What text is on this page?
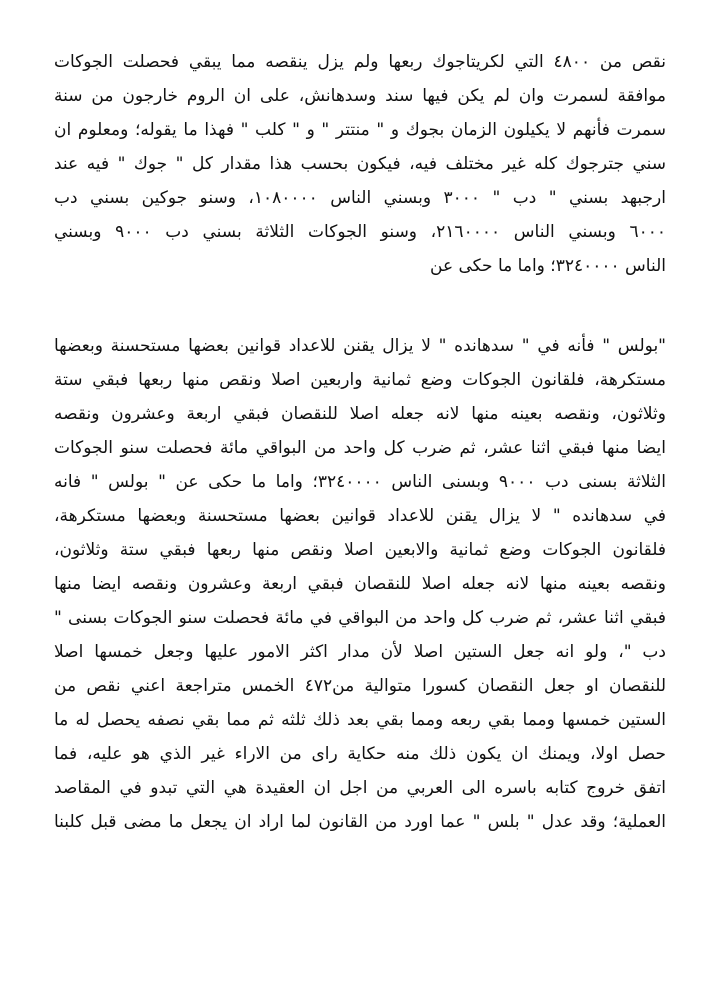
نقص من ٤٨٠٠ التي لكريتاجوك ربعها ولم يزل ينقصه مما يبقي فحصلت الجوكات
موافقة لسمرت وان لم يكن فيها سند وسدهانش، على ان الروم خارجون من سنة
سمرت فأنهم لا يكيلون الزمان بجوك و " منتتر " و " كلب " فهذا ما يقوله؛ ومعلوم ان
سني جترجوك كله غير مختلف فيه، فيكون بحسب هذا مقدار كل " جوك " فيه عند
ارجبهد بسني " دب " ٣٠٠٠ وبسني الناس ١٠٨٠٠٠٠، وسنو جوكين بسني دب
٦٠٠٠ وبسني الناس ٢١٦٠٠٠٠، وسنو الجوكات الثلاثة بسني دب ٩٠٠٠ وبسني
الناس ٣٢٤٠٠٠٠؛ واما ما حكى عن
"بولس " فأنه في " سدهانده " لا يزال يقنن للاعداد قوانين بعضها مستحسنة وبعضها
مستكرهة، فلقانون الجوكات وضع ثمانية واربعين اصلا ونقص منها ربعها فبقي ستة
وثلاثون، ونقصه بعينه منها لانه جعله اصلا للنقصان فبقي اربعة وعشرون ونقصه
ايضا منها فبقي اثنا عشر، ثم ضرب كل واحد من البواقي مائة فحصلت سنو الجوكات
الثلاثة بسنى دب ٩٠٠٠ وبسنى الناس ٣٢٤٠٠٠٠؛ واما ما حكى عن " بولس " فانه
في سدهانده " لا يزال يقنن للاعداد قوانين بعضها مستحسنة وبعضها مستكرهة،
فلقانون الجوكات وضع ثمانية والابعين اصلا ونقص منها ربعها فبقي ستة وثلاثون،
ونقصه بعينه منها لانه جعله اصلا للنقصان فبقي اربعة وعشرون ونقصه ايضا منها
فبقي اثنا عشر، ثم ضرب كل واحد من البواقي في مائة فحصلت سنو الجوكات بسنى "
دب "، ولو انه جعل الستين اصلا لأن مدار اكثر الامور عليها وجعل خمسها اصلا
للنقصان او جعل النقصان كسورا متوالية من٤٧٢ الخمس متراجعة اعني نقص من
الستين خمسها ومما بقي ربعه ومما بقي بعد ذلك ثلثه ثم مما بقي نصفه يحصل له ما
حصل اولا، ويمنك ان يكون ذلك منه حكاية راى من الاراء غير الذي هو عليه، فما
اتفق خروج كتابه باسره الى العربي من اجل ان العقيدة هي التي تبدو في المقاصد
العملية؛ وقد عدل " بلس " عما اورد من القانون لما اراد ان يجعل ما مضى قبل كلبنا
